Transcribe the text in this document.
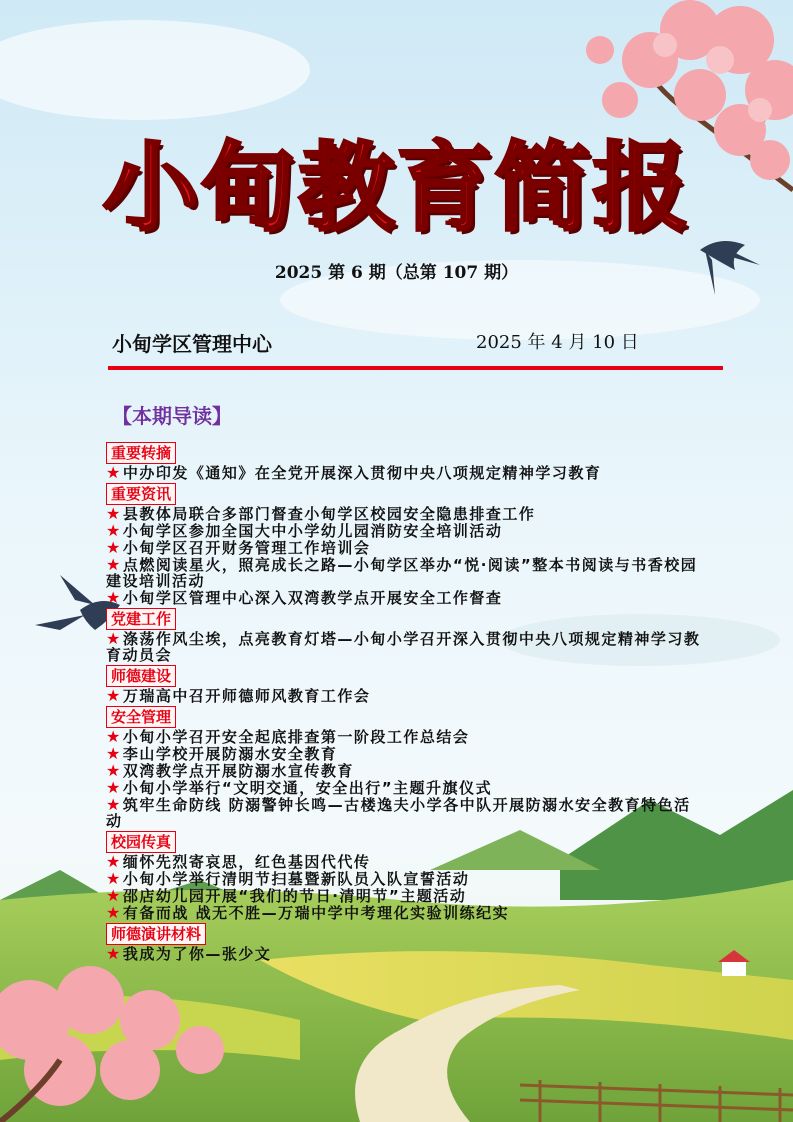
小甸教育简报
2025 第 6 期（总第 107 期）
小甸学区管理中心	2025 年 4 月 10 日
【本期导读】
重要转摘
★中办印发《通知》在全党开展深入贯彻中央八项规定精神学习教育
重要资讯
★县教体局联合多部门督查小甸学区校园安全隐患排查工作
★小甸学区参加全国大中小学幼儿园消防安全培训活动
★小甸学区召开财务管理工作培训会
★点燃阅读星火，照亮成长之路—小甸学区举办“悦·阅读”整本书阅读与书香校园建设培训活动
★小甸学区管理中心深入双湾教学点开展安全工作督查
党建工作
★涤荡作风尘埃，点亮教育灯塔—小甸小学召开深入贯彻中央八项规定精神学习教育动员会
师德建设
★万瑞高中召开师德师风教育工作会
安全管理
★小甸小学召开安全起底排查第一阶段工作总结会
★李山学校开展防溺水安全教育
★双湾教学点开展防溺水宣传教育
★小甸小学举行“文明交通，安全出行”主题升旗仪式
★筑牢生命防线 防溺警钟长鸣—古楼逸夫小学各中队开展防溺水安全教育特色活动
校园传真
★缅怀先烈寄哀思，红色基因代代传
★小甸小学举行清明节扫墓暨新队员入队宣誓活动
★邵店幼儿园开展“我们的节日·清明节”主题活动
★有备而战 战无不胜—万瑞中学中考理化实验训练纪实
师德演讲材料
★我成为了你—张少文
